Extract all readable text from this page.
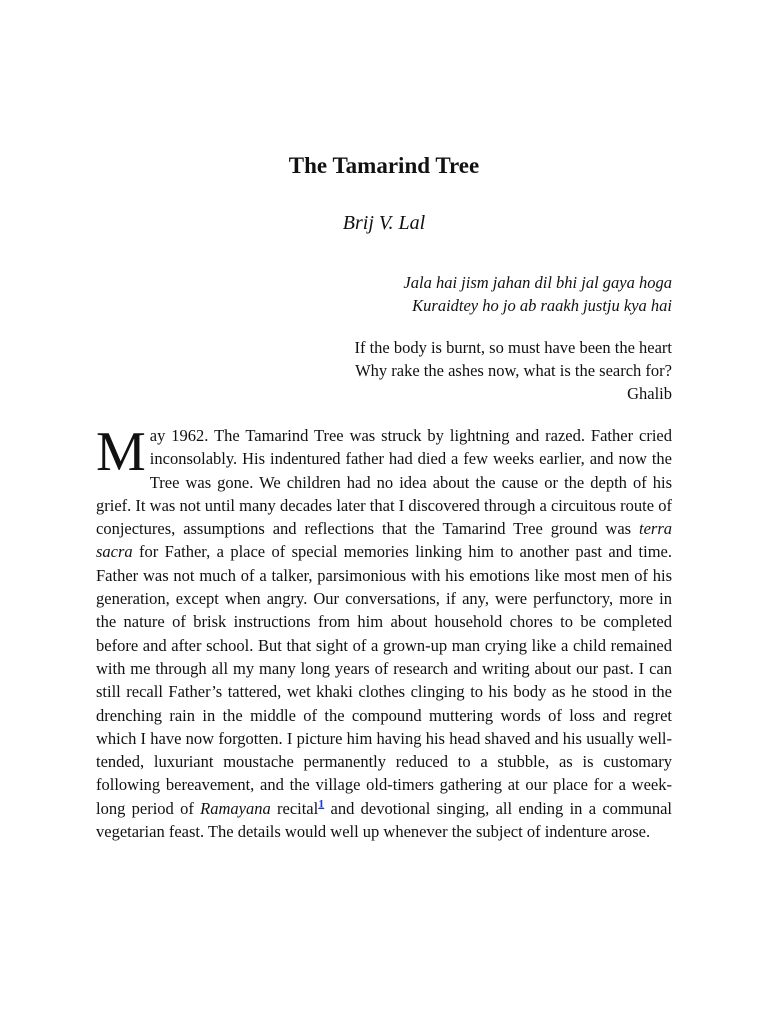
The Tamarind Tree

Brij V. Lal

Jala hai jism jahan dil bhi jal gaya hoga
Kuraidtey ho jo ab raakh justju kya hai
If the body is burnt, so must have been the heart
Why rake the ashes now, what is the search for?
Ghalib

May 1962. The Tamarind Tree was struck by lightning and razed. Father cried inconsolably. His indentured father had died a few weeks earlier, and now the Tree was gone. We children had no idea about the cause or the depth of his grief. It was not until many decades later that I discovered through a circuitous route of conjectures, assumptions and reflections that the Tamarind Tree ground was terra sacra for Father, a place of special memories linking him to another past and time. Father was not much of a talker, parsimonious with his emotions like most men of his generation, except when angry. Our conversations, if any, were perfunctory, more in the nature of brisk instructions from him about household chores to be completed before and after school. But that sight of a grown-up man crying like a child remained with me through all my many long years of research and writing about our past. I can still recall Father’s tattered, wet khaki clothes clinging to his body as he stood in the drenching rain in the middle of the compound muttering words of loss and regret which I have now forgotten. I picture him having his head shaved and his usually well-tended, luxuriant moustache permanently reduced to a stubble, as is customary following bereavement, and the village old-timers gathering at our place for a week-long period of Ramayana recital$^1$ and devotional singing, all ending in a communal vegetarian feast. The details would well up whenever the subject of indenture arose.
